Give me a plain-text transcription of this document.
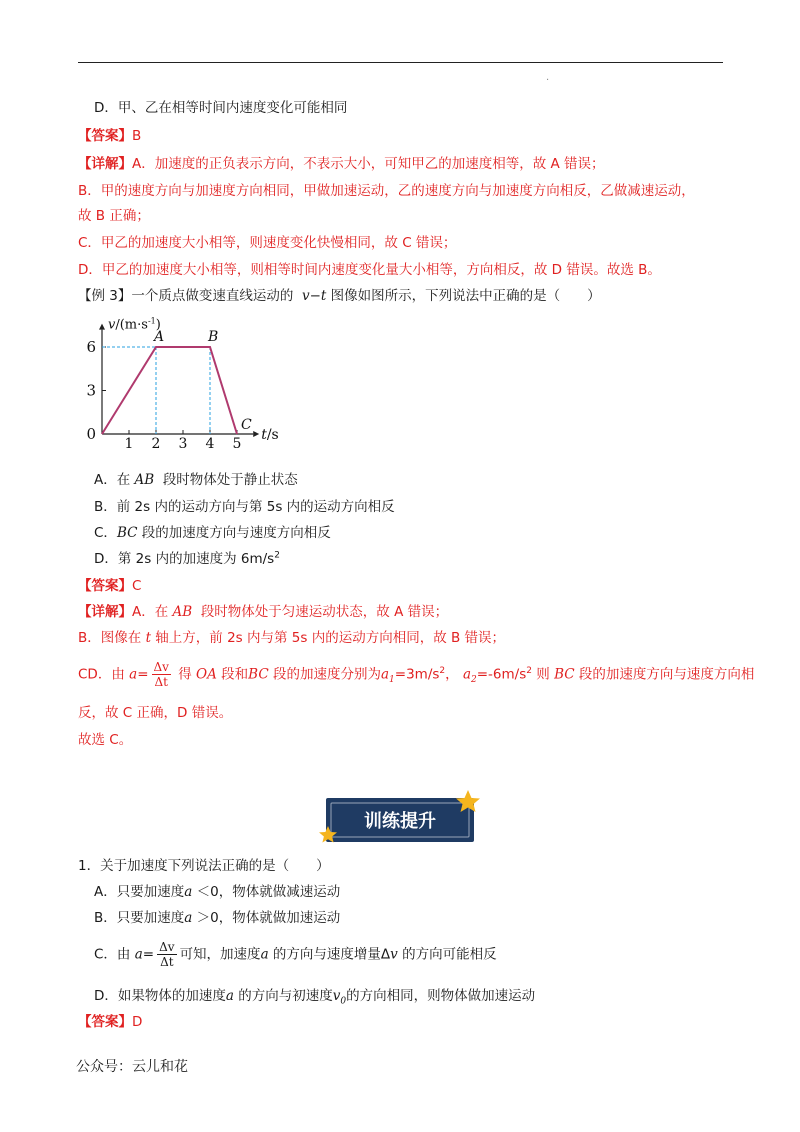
.
D．甲、乙在相等时间内速度变化可能相同
【答案】B
【详解】A．加速度的正负表示方向，不表示大小，可知甲乙的加速度相等，故 A 错误；
B．甲的速度方向与加速度方向相同，甲做加速运动，乙的速度方向与加速度方向相反，乙做减速运动，
故 B 正确；
C．甲乙的加速度大小相等，则速度变化快慢相同，故 C 错误；
D．甲乙的加速度大小相等，则相等时间内速度变化量大小相等，方向相反，故 D 错误。故选 B。
【例 3】一个质点做变速直线运动的 v−t 图像如图所示，下列说法中正确的是（　　）
1 2 3 4 5
3
6
0
A	B
C
t/s
$v/(m\cdot s^{-1})$
A．在 AB 段时物体处于静止状态
B．前 2s 内的运动方向与第 5s 内的运动方向相反
C．BC 段的加速度方向与速度方向相反
D．第 2s 内的加速度为 $6m/s^2$
【答案】C
【详解】A．在 AB 段时物体处于匀速运动状态，故 A 错误；
B．图像在 t 轴上方，前 2s 内与第 5s 内的运动方向相同，故 B 错误；
CD．由 $a= \frac{\Delta v}{\Delta t}$ 得 OA 段和BC 段的加速度分别为$a_1=3m/s^2$， $a_2=-6m/s^2$ 则 BC 段的加速度方向与速度方向相
反，故 C 正确，D 错误。
故选 C。
训练提升
1．关于加速度下列说法正确的是（　　）
A．只要加速度a ＜0，物体就做减速运动
B．只要加速度a ＞0，物体就做加速运动
C．由 $a= \frac{\Delta v}{\Delta t}$ 可知，加速度a 的方向与速度增量Δv 的方向可能相反
D．如果物体的加速度a 的方向与初速度$v_0$的方向相同，则物体做加速运动
【答案】D
公众号：云儿和花
